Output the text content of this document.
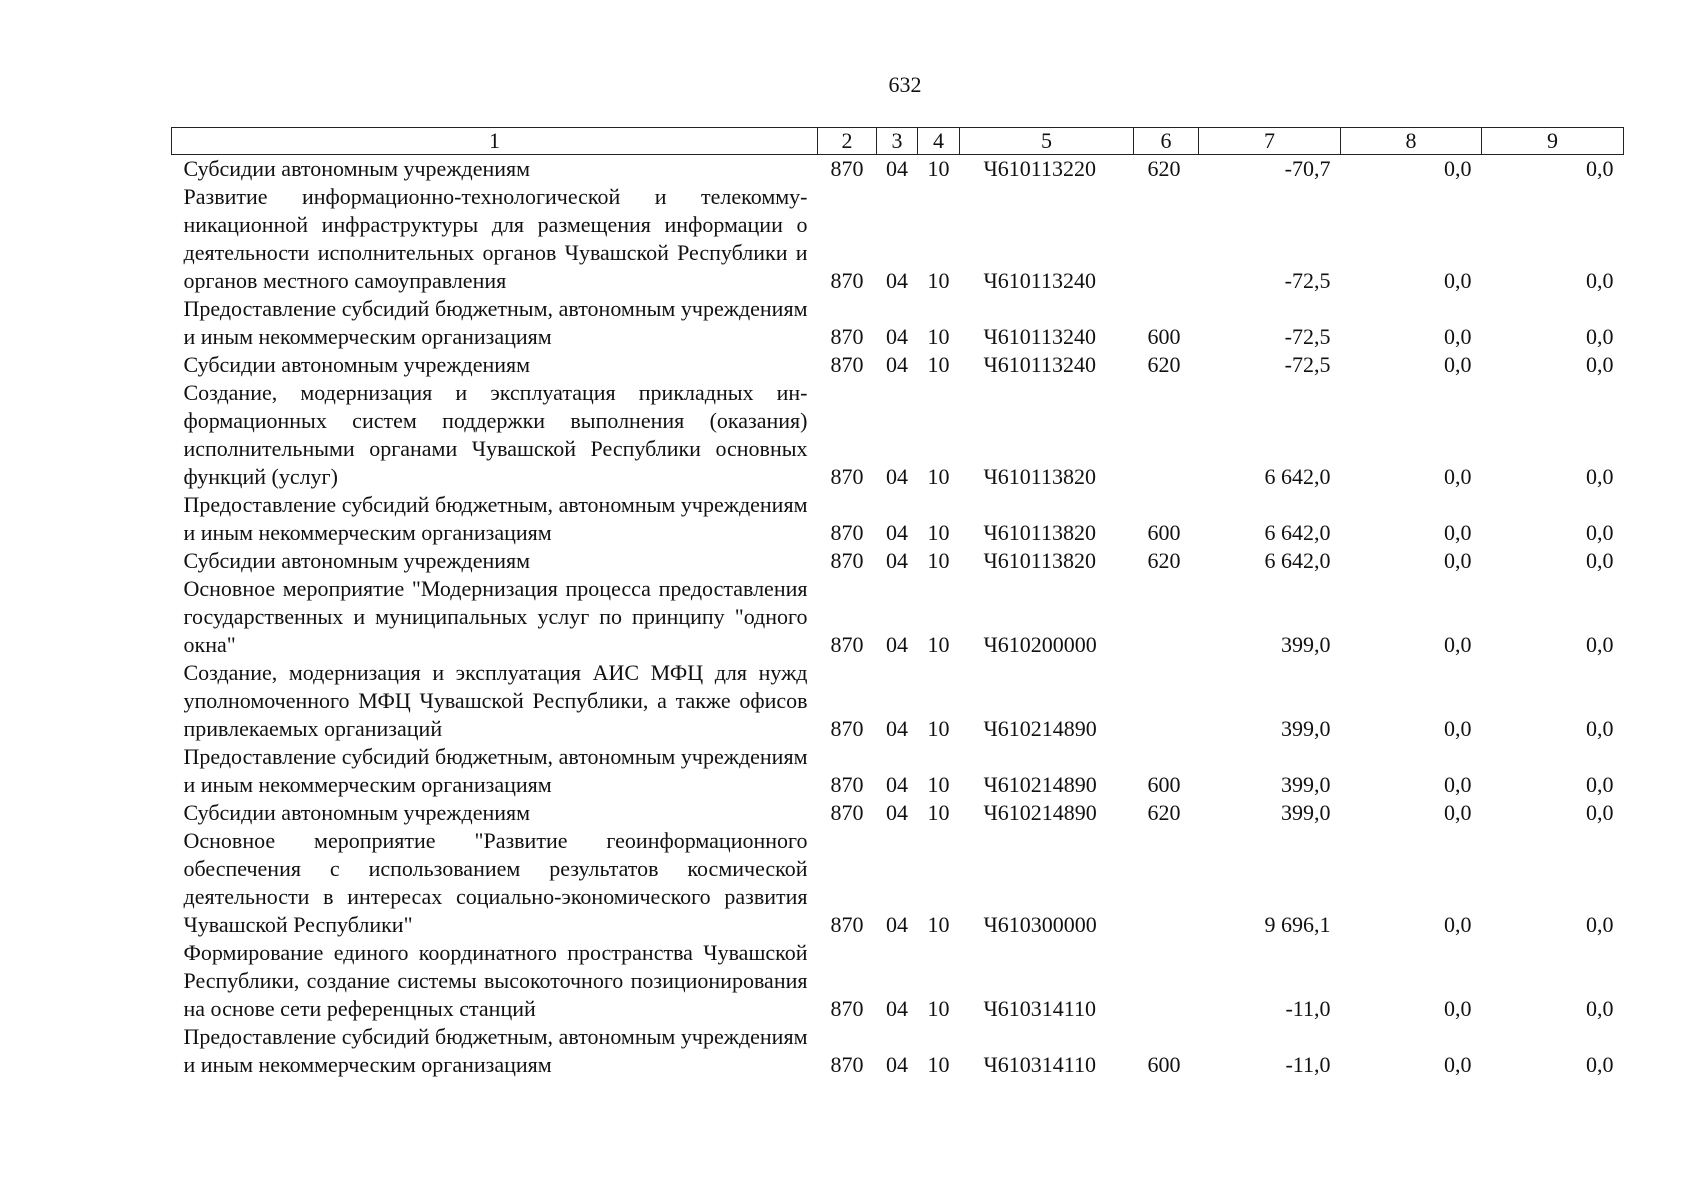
632
1	2	3	4	5	6	7	8	9
Субсидии автономным учреждениям	870	04	10	Ч610113220	620	-70,7	0,0	0,0
Развитие информационно-технологической и телекоммуникационной инфраструктуры для размещения информации о деятельности исполнительных органов Чувашской Республики и органов местного самоуправления	870	04	10	Ч610113240		-72,5	0,0	0,0
Предоставление субсидий бюджетным, автономным учреждениям и иным некоммерческим организациям	870	04	10	Ч610113240	600	-72,5	0,0	0,0
Субсидии автономным учреждениям	870	04	10	Ч610113240	620	-72,5	0,0	0,0
Создание, модернизация и эксплуатация прикладных информационных систем поддержки выполнения (оказания) исполнительными органами Чувашской Республики основных функций (услуг)	870	04	10	Ч610113820		6 642,0	0,0	0,0
Предоставление субсидий бюджетным, автономным учреждениям и иным некоммерческим организациям	870	04	10	Ч610113820	600	6 642,0	0,0	0,0
Субсидии автономным учреждениям	870	04	10	Ч610113820	620	6 642,0	0,0	0,0
Основное мероприятие "Модернизация процесса предоставления государственных и муниципальных услуг по принципу "одного окна"	870	04	10	Ч610200000		399,0	0,0	0,0
Создание, модернизация и эксплуатация АИС МФЦ для нужд уполномоченного МФЦ Чувашской Республики, а также офисов привлекаемых организаций	870	04	10	Ч610214890		399,0	0,0	0,0
Предоставление субсидий бюджетным, автономным учреждениям и иным некоммерческим организациям	870	04	10	Ч610214890	600	399,0	0,0	0,0
Субсидии автономным учреждениям	870	04	10	Ч610214890	620	399,0	0,0	0,0
Основное мероприятие "Развитие геоинформационного обеспечения с использованием результатов космической деятельности в интересах социально-экономического развития Чувашской Республики"	870	04	10	Ч610300000		9 696,1	0,0	0,0
Формирование единого координатного пространства Чувашской Республики, создание системы высокоточного позиционирования на основе сети референцных станций	870	04	10	Ч610314110		-11,0	0,0	0,0
Предоставление субсидий бюджетным, автономным учреждениям и иным некоммерческим организациям	870	04	10	Ч610314110	600	-11,0	0,0	0,0
